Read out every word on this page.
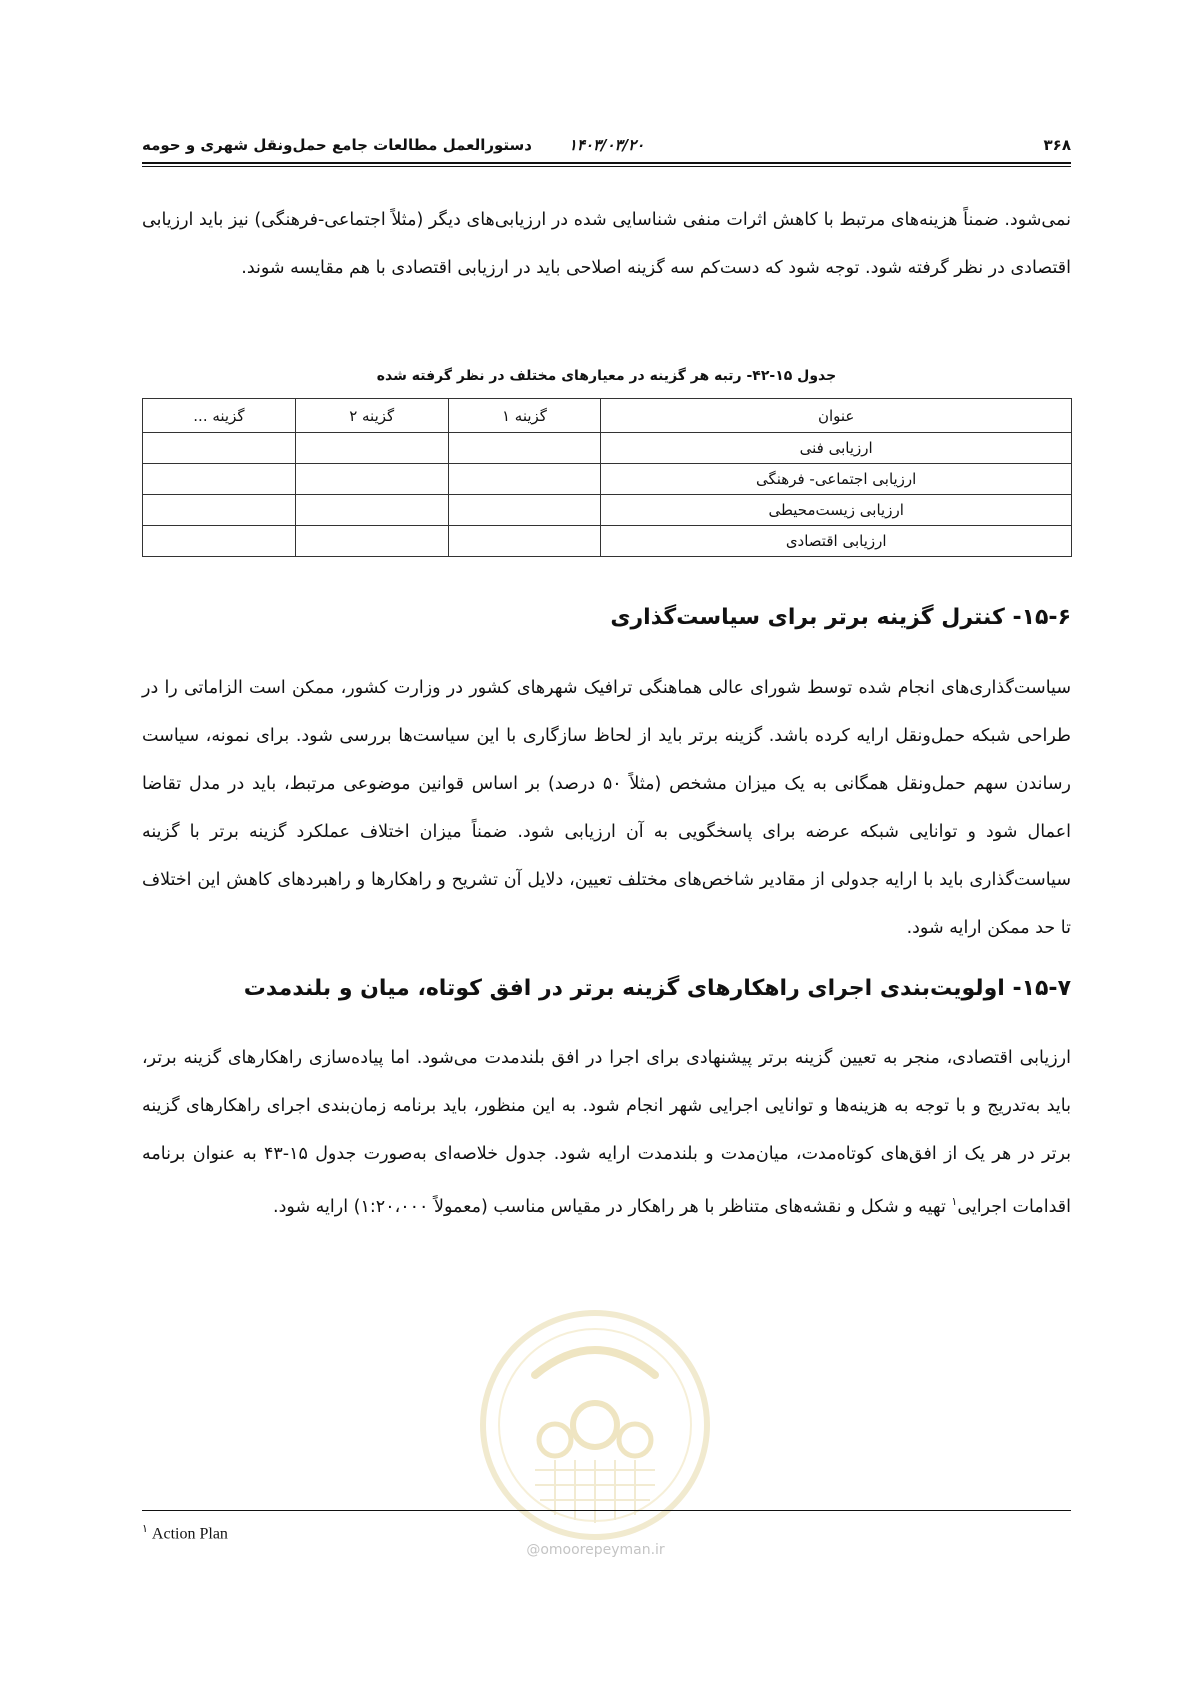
۳۶۸
۱۴۰۳/۰۳/۲۰
دستورالعمل مطالعات جامع حمل‌ونقل شهری و حومه

نمی‌شود. ضمناً هزینه‌های مرتبط با کاهش اثرات منفی شناسایی شده در ارزیابی‌های دیگر (مثلاً اجتماعی-فرهنگی) نیز باید ارزیابی اقتصادی در نظر گرفته شود. توجه شود که دست‌کم سه گزینه اصلاحی باید در ارزیابی اقتصادی با هم مقایسه شوند.

جدول ۱۵-۴۲- رتبه هر گزینه در معیارهای مختلف در نظر گرفته شده
عنوان	گزینه ۱	گزینه ۲	گزینه ...
ارزیابی فنی			
ارزیابی اجتماعی- فرهنگی			
ارزیابی زیست‌محیطی			
ارزیابی اقتصادی			
۱۵-۶- کنترل گزینه برتر برای سیاست‌گذاری

سیاست‌گذاری‌های انجام شده توسط شورای عالی هماهنگی ترافیک شهرهای کشور در وزارت کشور، ممکن است الزاماتی را در طراحی شبکه حمل‌ونقل ارایه کرده باشد. گزینه برتر باید از لحاظ سازگاری با این سیاست‌ها بررسی شود. برای نمونه، سیاست رساندن سهم حمل‌ونقل همگانی به یک میزان مشخص (مثلاً ۵۰ درصد) بر اساس قوانین موضوعی مرتبط، باید در مدل تقاضا اعمال شود و توانایی شبکه عرضه برای پاسخگویی به آن ارزیابی شود. ضمناً میزان اختلاف عملکرد گزینه برتر با گزینه سیاست‌گذاری باید با ارایه جدولی از مقادیر شاخص‌های مختلف تعیین، دلایل آن تشریح و راهکارها و راهبردهای کاهش این اختلاف تا حد ممکن ارایه شود.

۱۵-۷- اولویت‌بندی اجرای راهکارهای گزینه برتر در افق کوتاه، میان و بلندمدت

ارزیابی اقتصادی، منجر به تعیین گزینه برتر پیشنهادی برای اجرا در افق بلندمدت می‌شود. اما پیاده‌سازی راهکارهای گزینه برتر، باید به‌تدریج و با توجه به هزینه‌ها و توانایی اجرایی شهر انجام شود. به این منظور، باید برنامه زمان‌بندی اجرای راهکارهای گزینه برتر در هر یک از افق‌های کوتاه‌مدت، میان‌مدت و بلندمدت ارایه شود. جدول خلاصه‌ای به‌صورت جدول ۱۵-۴۳ به عنوان برنامه اقدامات اجرایی$^۱$ تهیه و شکل و نقشه‌های متناظر با هر راهکار در مقیاس مناسب (معمولاً ۱:۲۰،۰۰۰) ارایه شود.

@omoorepeyman.ir
$^۱$ Action Plan
